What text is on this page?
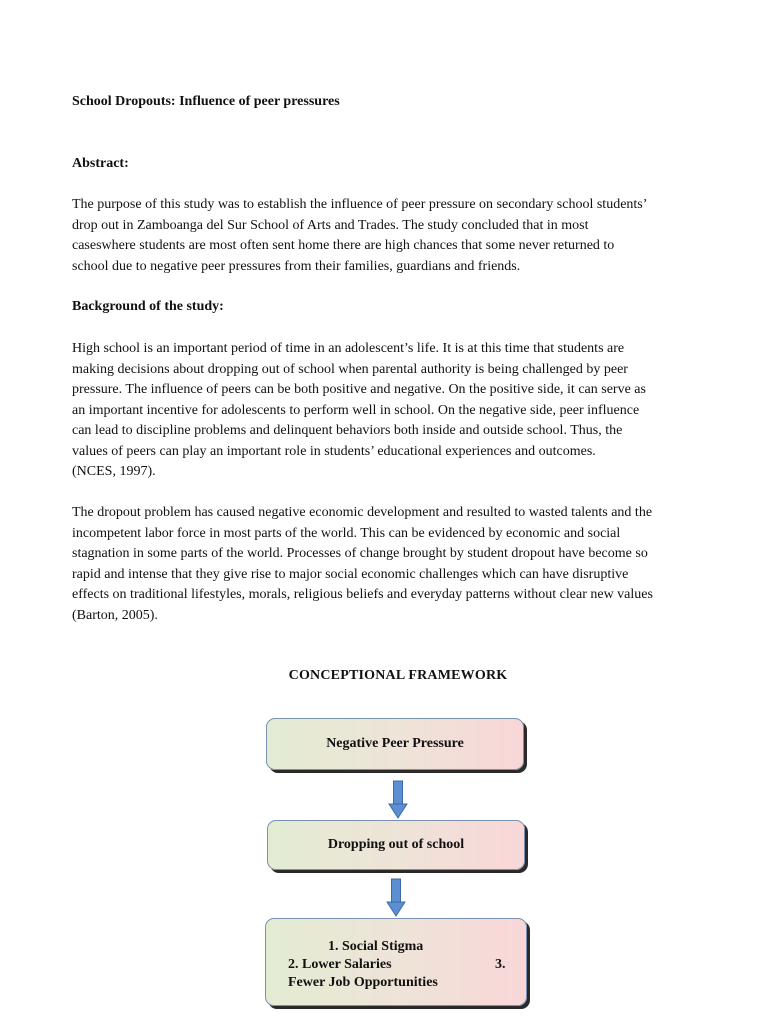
School Dropouts: Influence of peer pressures
Abstract:

The purpose of this study was to establish the influence of peer pressure on secondary school students’
drop out in Zamboanga del Sur School of Arts and Trades. The study concluded that in most
caseswhere students are most often sent home there are high chances that some never returned to
school due to negative peer pressures from their families, guardians and friends.

Background of the study:

High school is an important period of time in an adolescent’s life. It is at this time that students are
making decisions about dropping out of school when parental authority is being challenged by peer
pressure. The influence of peers can be both positive and negative. On the positive side, it can serve as
an important incentive for adolescents to perform well in school. On the negative side, peer influence
can lead to discipline problems and delinquent behaviors both inside and outside school. Thus, the
values of peers can play an important role in students’ educational experiences and outcomes.
(NCES, 1997).

The dropout problem has caused negative economic development and resulted to wasted talents and the
incompetent labor force in most parts of the world. This can be evidenced by economic and social
stagnation in some parts of the world. Processes of change brought by student dropout have become so
rapid and intense that they give rise to major social economic challenges which can have disruptive
effects on traditional lifestyles, morals, religious beliefs and everyday patterns without clear new values
(Barton, 2005).

CONCEPTIONAL FRAMEWORK
Negative Peer Pressure
Dropping out of school
1. Social Stigma
2. Lower Salaries	3.
Fewer Job Opportunities
